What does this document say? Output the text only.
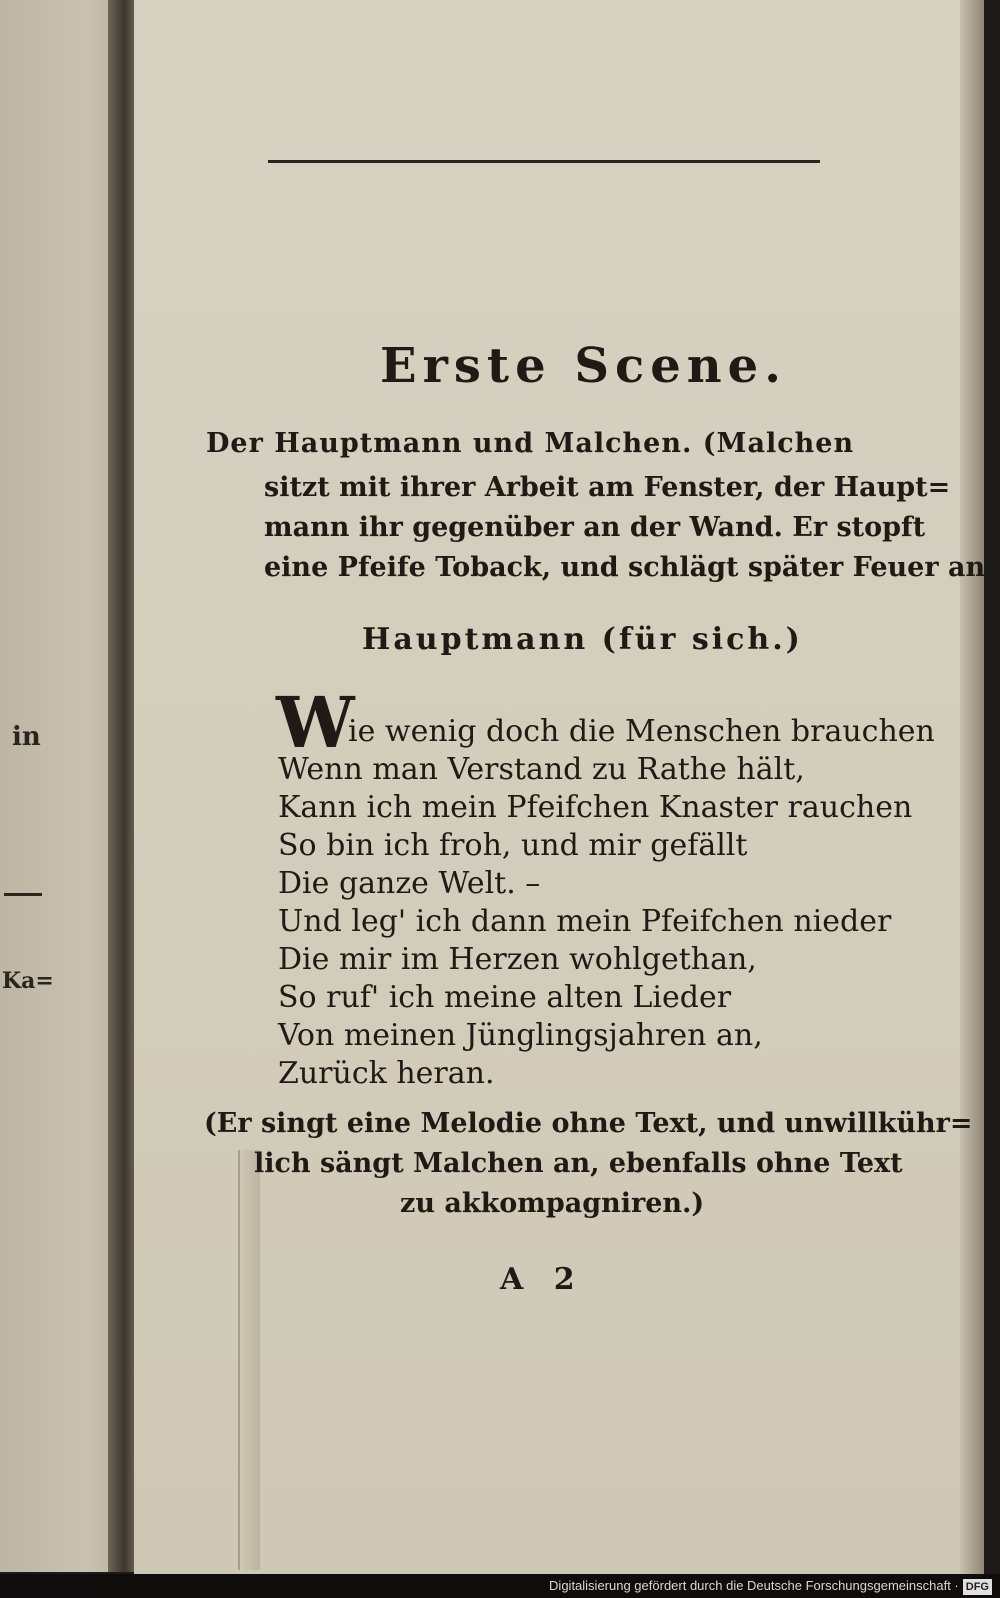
in
Ka=
Erste Scene.
Der Hauptmann und Malchen. (Malchen
sitzt mit ihrer Arbeit am Fenster, der Haupt=
mann ihr gegenüber an der Wand. Er stopft
eine Pfeife Toback, und schlägt später Feuer an.
Hauptmann (für sich.)
W
ie wenig doch die Menschen brauchen
Wenn man Verstand zu Rathe hält,
Kann ich mein Pfeifchen Knaster rauchen
So bin ich froh, und mir gefällt
Die ganze Welt. –
Und leg' ich dann mein Pfeifchen nieder
Die mir im Herzen wohlgethan,
So ruf' ich meine alten Lieder
Von meinen Jünglingsjahren an,
Zurück heran.
(Er singt eine Melodie ohne Text, und unwillkühr=
lich sängt Malchen an, ebenfalls ohne Text
zu akkompagniren.)
A 2
Digitalisierung gefördert durch die Deutsche Forschungsgemeinschaft · DFG
